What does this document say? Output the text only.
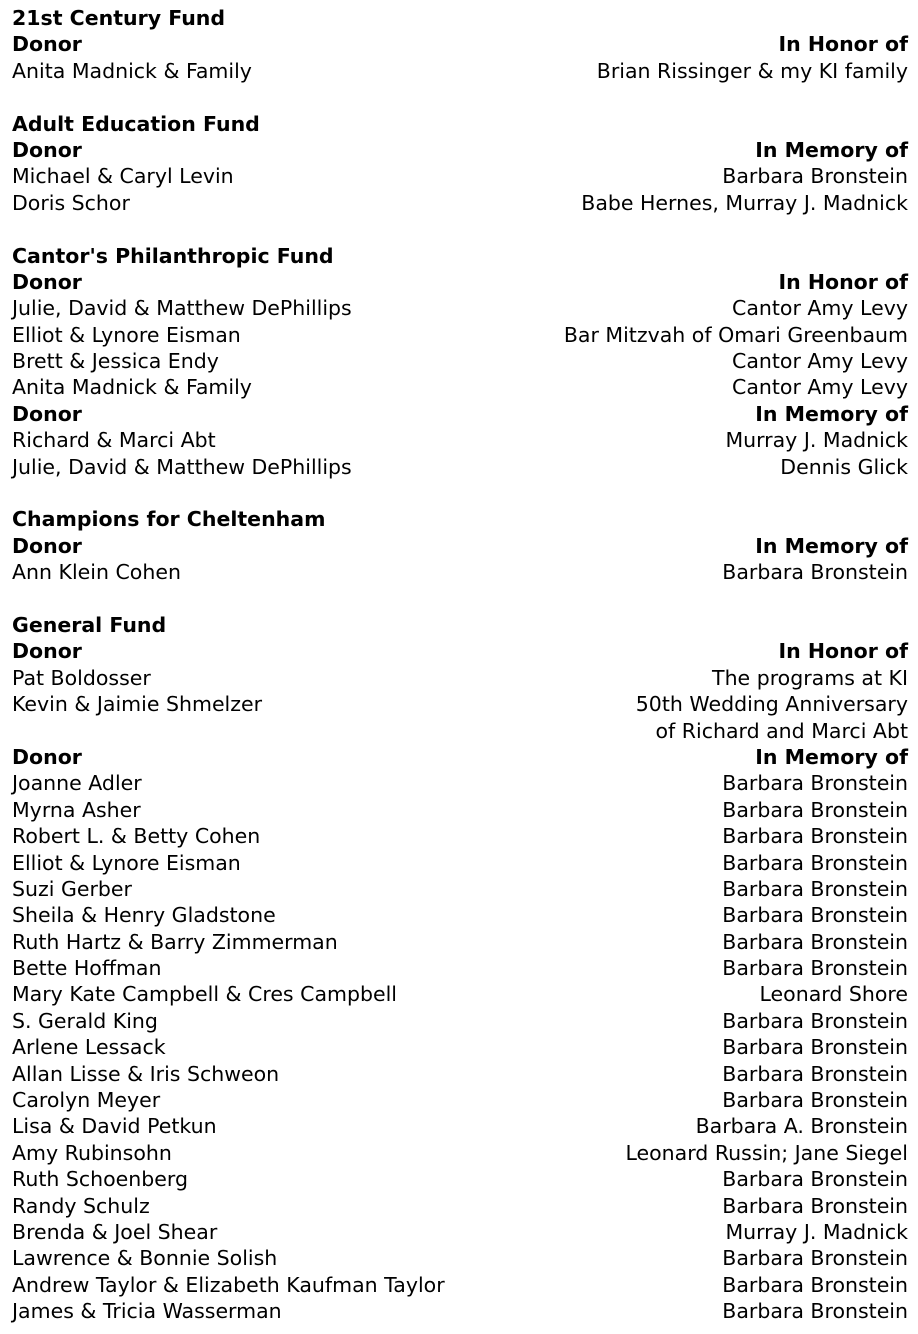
21st Century Fund
Donor	In Honor of
Anita Madnick & Family	Brian Rissinger & my KI family
Adult Education Fund
Donor	In Memory of
Michael & Caryl Levin	Barbara Bronstein
Doris Schor	Babe Hernes, Murray J. Madnick
Cantor's Philanthropic Fund
Donor	In Honor of
Julie, David & Matthew DePhillips	Cantor Amy Levy
Elliot & Lynore Eisman	Bar Mitzvah of Omari Greenbaum
Brett & Jessica Endy	Cantor Amy Levy
Anita Madnick & Family	Cantor Amy Levy
Donor	In Memory of
Richard & Marci Abt	Murray J. Madnick
Julie, David & Matthew DePhillips	Dennis Glick
Champions for Cheltenham
Donor	In Memory of
Ann Klein Cohen	Barbara Bronstein
General Fund
Donor	In Honor of
Pat Boldosser	The programs at KI
Kevin & Jaimie Shmelzer	50th Wedding Anniversary
of Richard and Marci Abt
Donor	In Memory of
Joanne Adler	Barbara Bronstein
Myrna Asher	Barbara Bronstein
Robert L. & Betty Cohen	Barbara Bronstein
Elliot & Lynore Eisman	Barbara Bronstein
Suzi Gerber	Barbara Bronstein
Sheila & Henry Gladstone	Barbara Bronstein
Ruth Hartz & Barry Zimmerman	Barbara Bronstein
Bette Hoffman	Barbara Bronstein
Mary Kate Campbell & Cres Campbell	Leonard Shore
S. Gerald King	Barbara Bronstein
Arlene Lessack	Barbara Bronstein
Allan Lisse & Iris Schweon	Barbara Bronstein
Carolyn Meyer	Barbara Bronstein
Lisa & David Petkun	Barbara A. Bronstein
Amy Rubinsohn	Leonard Russin; Jane Siegel
Ruth Schoenberg	Barbara Bronstein
Randy Schulz	Barbara Bronstein
Brenda & Joel Shear	Murray J. Madnick
Lawrence & Bonnie Solish	Barbara Bronstein
Andrew Taylor & Elizabeth Kaufman Taylor	Barbara Bronstein
James & Tricia Wasserman	Barbara Bronstein
